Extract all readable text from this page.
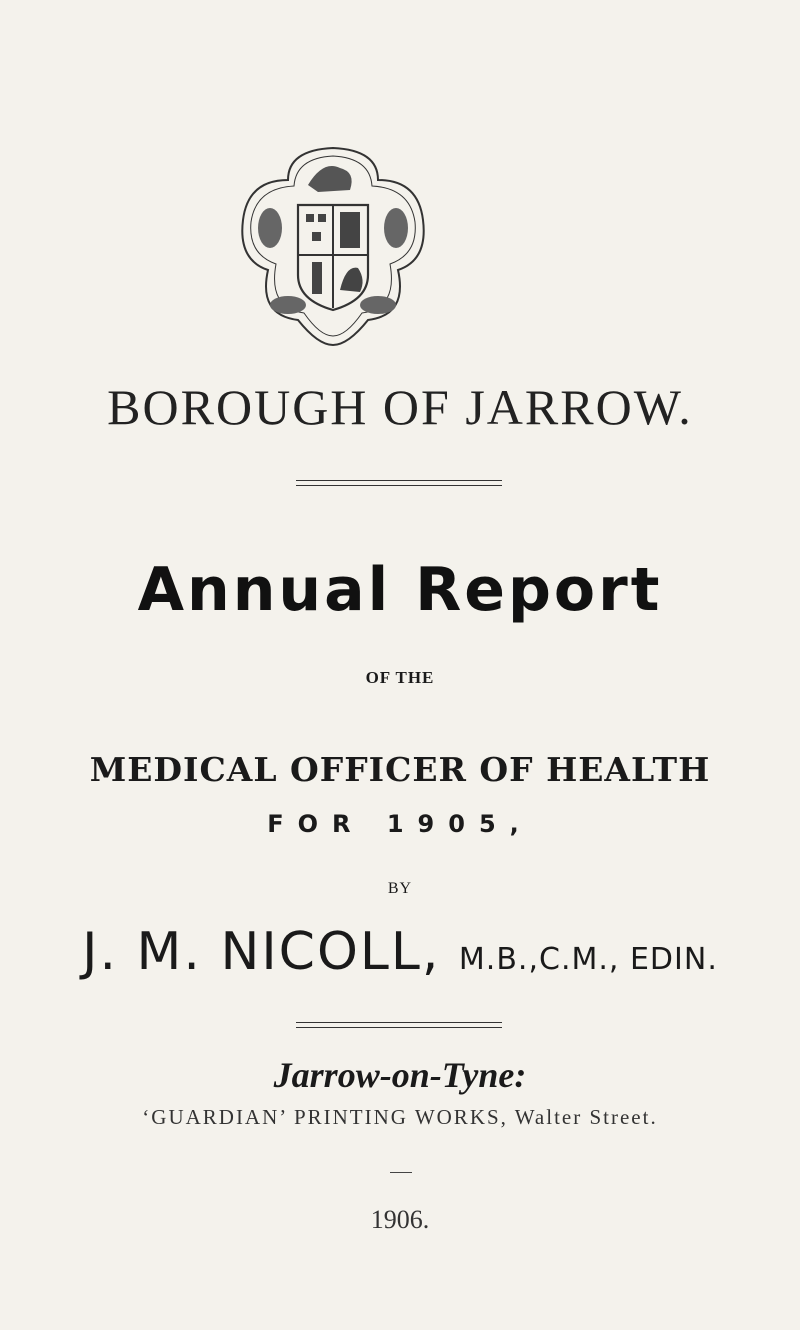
BOROUGH OF JARROW.
Annual Report
OF THE
MEDICAL OFFICER OF HEALTH
FOR 1905,
BY
J. M. NICOLL, M.B.,C.M., EDIN.
Jarrow-on-Tyne:
‘GUARDIAN’ PRINTING WORKS, Walter Street.
1906.
